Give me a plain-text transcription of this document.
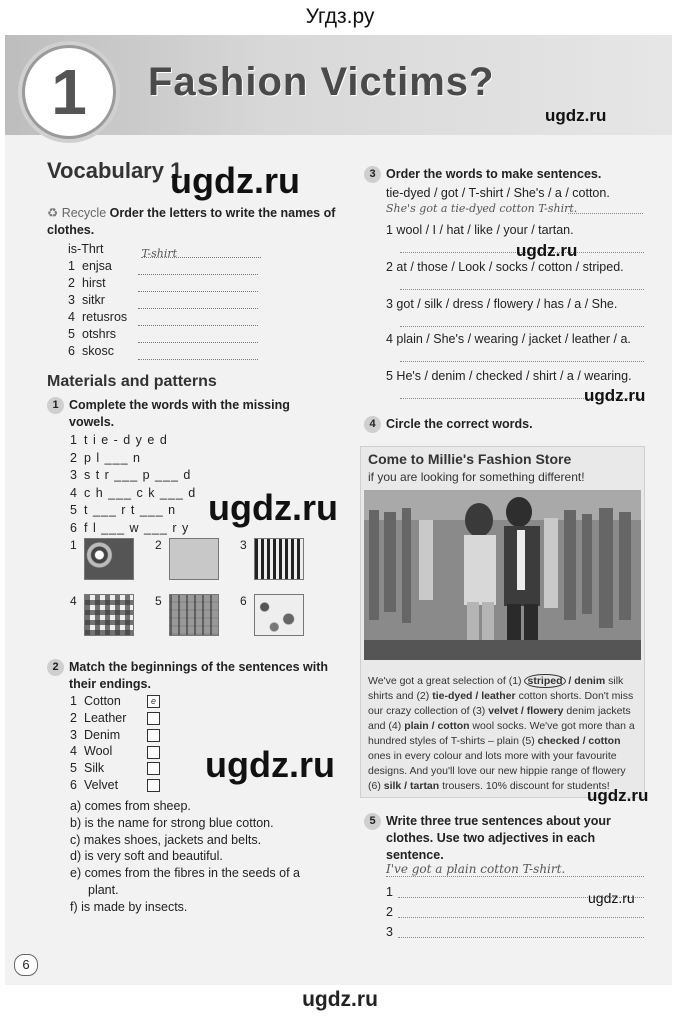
Угдз.ру
1	Fashion Victims?
Vocabulary 1
♻ Recycle Order the letters to write the names of clothes.
is-Thrt	T-shirt
1 enjsa
2 hirst
3 sitkr
4 retusros
5 otshrs
6 skosc
Materials and patterns
1 Complete the words with the missing vowels.
1 t i e - d y e d
2 p l ___ n
3 s t r ___ p ___ d
4 c h ___ c k ___ d
5 t ___ r t ___ n
6 f l ___ w ___ r y
1	2	3
4	5	6
2 Match the beginnings of the sentences with their endings.
1 Cotton	e
2 Leather
3 Denim
4 Wool
5 Silk
6 Velvet
a) comes from sheep.
b) is the name for strong blue cotton.
c) makes shoes, jackets and belts.
d) is very soft and beautiful.
e) comes from the fibres in the seeds of a
plant.
f) is made by insects.
3 Order the words to make sentences.
tie-dyed / got / T-shirt / She's / a / cotton.
She's got a tie-dyed cotton T-shirt.
1 wool / I / hat / like / your / tartan.
2 at / those / Look / socks / cotton / striped.
3 got / silk / dress / flowery / has / a / She.
4 plain / She's / wearing / jacket / leather / a.
5 He's / denim / checked / shirt / a / wearing.
4 Circle the correct words.
Come to Millie's Fashion Store
if you are looking for something different!
We've got a great selection of (1) striped / denim silk shirts and (2) tie-dyed / leather cotton shorts. Don't miss our crazy collection of (3) velvet / flowery denim jackets and (4) plain / cotton wool socks. We've got more than a hundred styles of T-shirts – plain (5) checked / cotton ones in every colour and lots more with your favourite designs. And you'll love our new hippie range of flowery (6) silk / tartan trousers. 10% discount for students!
5 Write three true sentences about your clothes. Use two adjectives in each sentence.
I've got a plain cotton T-shirt.
1
2
3
6
ugdz.ru
ugdz.ru
ugdz.ru
ugdz.ru
ugdz.ru
ugdz.ru
ugdz.ru
ugdz.ru
ugdz.ru
